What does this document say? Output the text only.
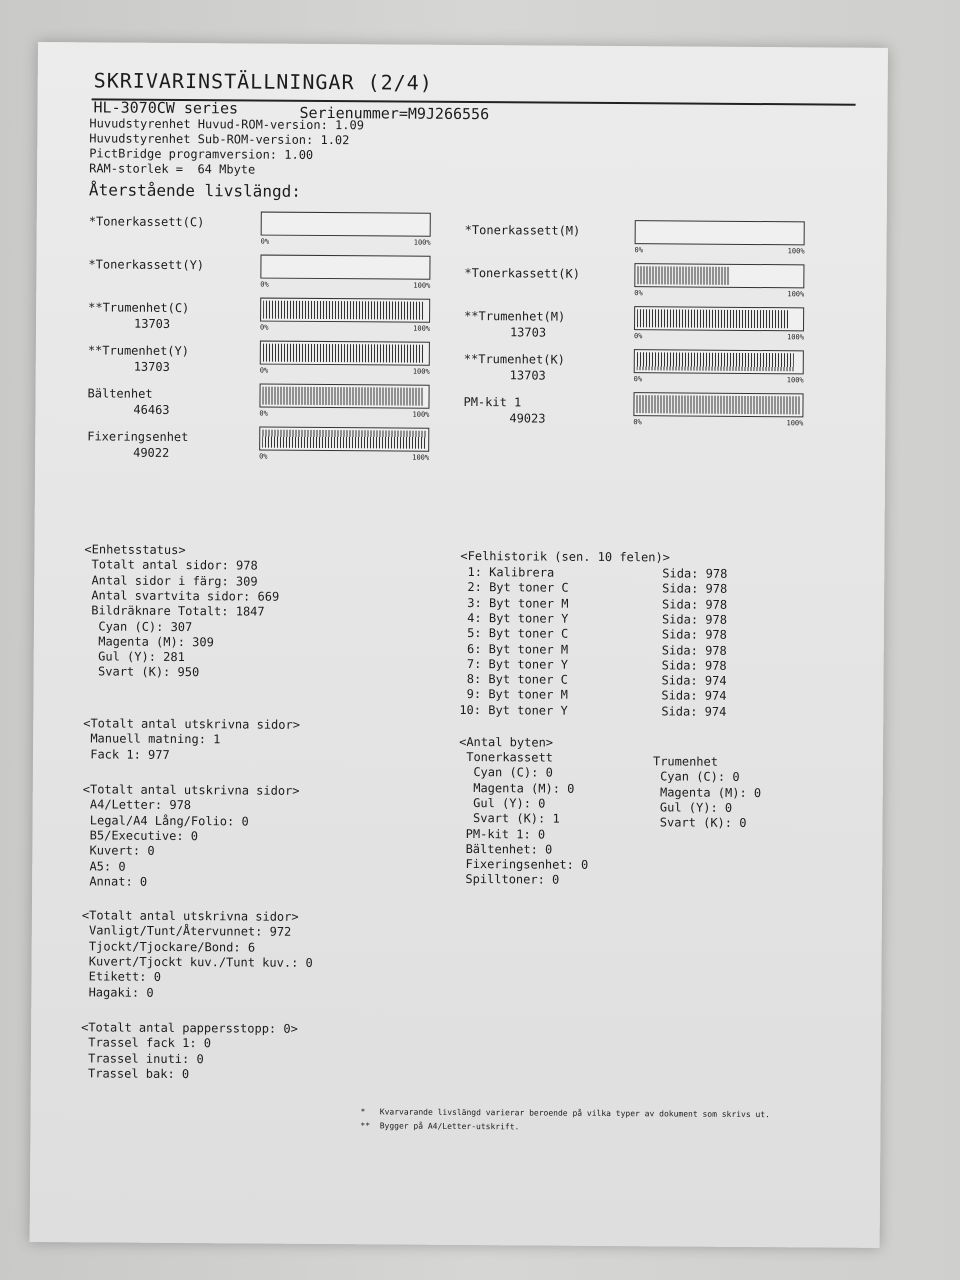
SKRIVARINSTÄLLNINGAR (2/4)
HL-3070CW series	Serienummer=M9J266556
Huvudstyrenhet Huvud-ROM-version: 1.09
Huvudstyrenhet Sub-ROM-version: 1.02
PictBridge programversion: 1.00
RAM-storlek =  64 Mbyte
Återstående livslängd:
*Tonerkassett(C)
0%	100%
*Tonerkassett(Y)
0%	100%
**Trumenhet(C)
13703	0%	100%
**Trumenhet(Y)
13703	0%	100%
Bältenhet
46463	0%	100%
Fixeringsenhet
49022	0%	100%
*Tonerkassett(M)
0%	100%
*Tonerkassett(K)
0%	100%
**Trumenhet(M)
13703	0%	100%
**Trumenhet(K)
13703	0%	100%
PM-kit 1
49023	0%	100%
<Enhetsstatus>
Totalt antal sidor: 978
Antal sidor i färg: 309
Antal svartvita sidor: 669
Bildräknare Totalt: 1847
Cyan (C): 307
Magenta (M): 309
Gul (Y): 281
Svart (K): 950
<Totalt antal utskrivna sidor>
Manuell matning: 1
Fack 1: 977
<Totalt antal utskrivna sidor>
A4/Letter: 978
Legal/A4 Lång/Folio: 0
B5/Executive: 0
Kuvert: 0
A5: 0
Annat: 0
<Totalt antal utskrivna sidor>
Vanligt/Tunt/Återvunnet: 972
Tjockt/Tjockare/Bond: 6
Kuvert/Tjockt kuv./Tunt kuv.: 0
Etikett: 0
Hagaki: 0
<Totalt antal pappersstopp: 0>
Trassel fack 1: 0
Trassel inuti: 0
Trassel bak: 0
<Felhistorik (sen. 10 felen)>
1: Kalibrera	Sida: 978
2: Byt toner C	Sida: 978
3: Byt toner M	Sida: 978
4: Byt toner Y	Sida: 978
5: Byt toner C	Sida: 978
6: Byt toner M	Sida: 978
7: Byt toner Y	Sida: 978
8: Byt toner C	Sida: 974
9: Byt toner M	Sida: 974
10: Byt toner Y	Sida: 974
<Antal byten>
Tonerkassett
Cyan (C): 0
Magenta (M): 0
Gul (Y): 0
Svart (K): 1
PM-kit 1: 0
Bältenhet: 0
Fixeringsenhet: 0
Spilltoner: 0
Trumenhet
Cyan (C): 0
Magenta (M): 0
Gul (Y): 0
Svart (K): 0
*   Kvarvarande livslängd varierar beroende på vilka typer av dokument som skrivs ut.
**  Bygger på A4/Letter-utskrift.
